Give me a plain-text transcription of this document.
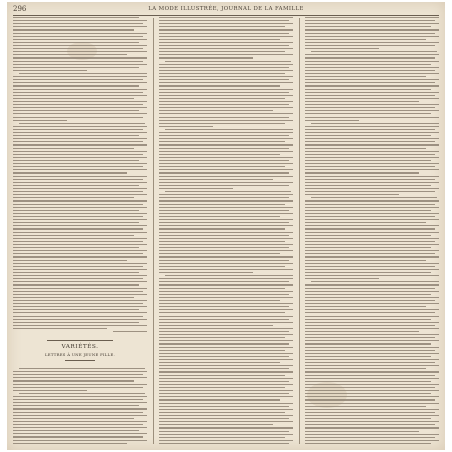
296	LA MODE ILLUSTRÉE, JOURNAL DE LA FAMILLE
VARIÉTÉS.
LETTRES À UNE JEUNE FILLE.
